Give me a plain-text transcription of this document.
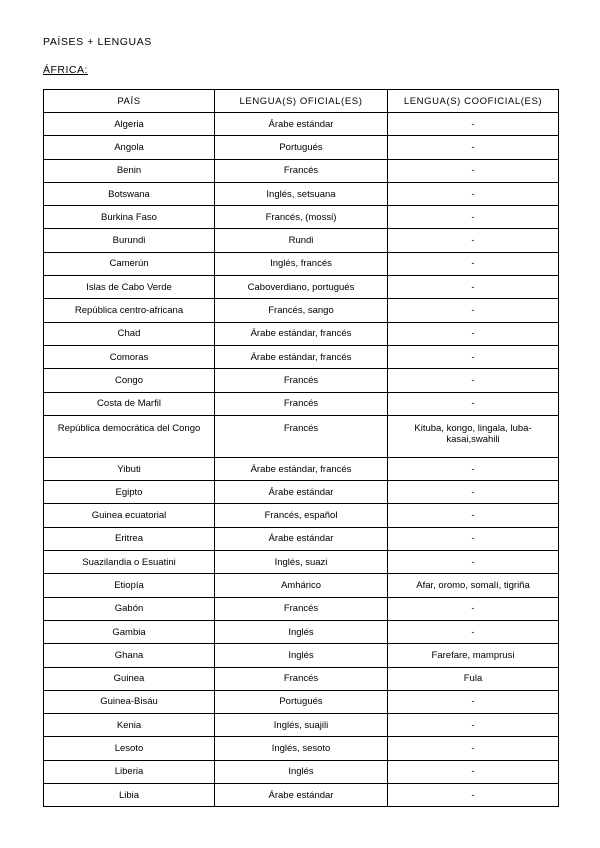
PAÍSES + LENGUAS
ÁFRICA:
PAÍS	LENGUA(S) OFICIAL(ES)	LENGUA(S) COOFICIAL(ES)
Algeria	Árabe estándar	-
Angola	Portugués	-
Benin	Francés	-
Botswana	Inglés, setsuana	-
Burkina Faso	Francés, (mossi)	-
Burundi	Rundi	-
Camerún	Inglés, francés	-
Islas de Cabo Verde	Caboverdiano, portugués	-
República centro-africana	Francés, sango	-
Chad	Árabe estándar, francés	-
Comoras	Árabe estándar, francés	-
Congo	Francés	-
Costa de Marfil	Francés	-
República democrática del Congo	Francés	Kituba, kongo, lingala, luba-kasai,swahili
Yibuti	Árabe estándar, francés	-
Egipto	Árabe estándar	-
Guinea ecuatorial	Francés, español	-
Eritrea	Árabe estándar	-
Suazilandia o Esuatini	Inglés, suazi	-
Etiopía	Amhárico	Afar, oromo, somalí, tigriña
Gabón	Francés	-
Gambia	Inglés	-
Ghana	Inglés	Farefare, mamprusi
Guinea	Francés	Fula
Guinea-Bisáu	Portugués	-
Kenia	Inglés, suajili	-
Lesoto	Inglés, sesoto	-
Liberia	Inglés	-
Libia	Árabe estándar	-
